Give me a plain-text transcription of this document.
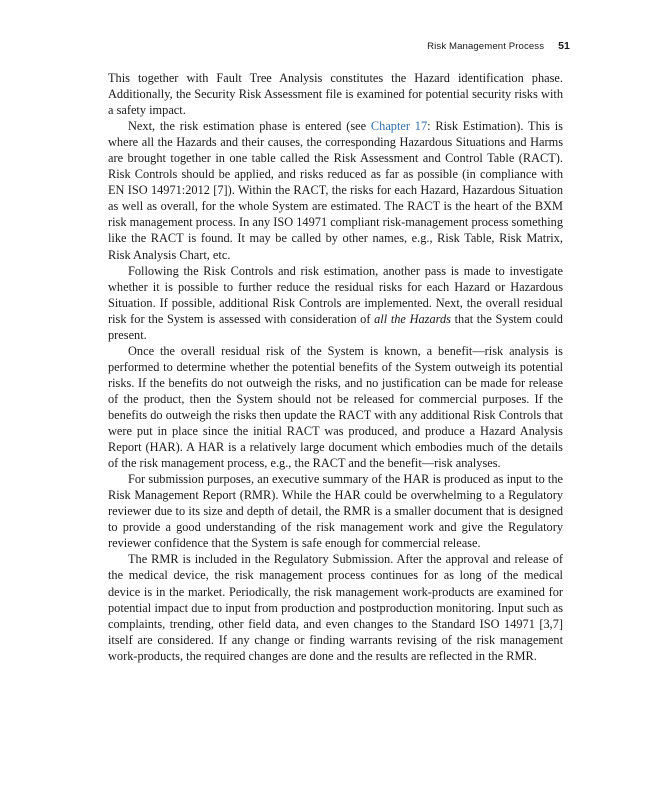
Risk Management Process 51

This together with Fault Tree Analysis constitutes the Hazard identification phase. Additionally, the Security Risk Assessment file is examined for potential security risks with a safety impact.

Next, the risk estimation phase is entered (see Chapter 17: Risk Estimation). This is where all the Hazards and their causes, the corresponding Hazardous Situations and Harms are brought together in one table called the Risk Assessment and Control Table (RACT). Risk Controls should be applied, and risks reduced as far as possible (in compliance with EN ISO 14971:2012 [7]). Within the RACT, the risks for each Hazard, Hazardous Situation as well as overall, for the whole System are estimated. The RACT is the heart of the BXM risk management process. In any ISO 14971 compliant risk-management process something like the RACT is found. It may be called by other names, e.g., Risk Table, Risk Matrix, Risk Analysis Chart, etc.

Following the Risk Controls and risk estimation, another pass is made to investigate whether it is possible to further reduce the residual risks for each Hazard or Hazardous Situation. If possible, additional Risk Controls are implemented. Next, the overall residual risk for the System is assessed with consideration of all the Hazards that the System could present.

Once the overall residual risk of the System is known, a benefit—risk analysis is performed to determine whether the potential benefits of the System outweigh its potential risks. If the benefits do not outweigh the risks, and no justification can be made for release of the product, then the System should not be released for commercial purposes. If the benefits do outweigh the risks then update the RACT with any additional Risk Controls that were put in place since the initial RACT was produced, and produce a Hazard Analysis Report (HAR). A HAR is a relatively large document which embodies much of the details of the risk management process, e.g., the RACT and the benefit—risk analyses.

For submission purposes, an executive summary of the HAR is produced as input to the Risk Management Report (RMR). While the HAR could be overwhelming to a Regulatory reviewer due to its size and depth of detail, the RMR is a smaller document that is designed to provide a good understanding of the risk management work and give the Regulatory reviewer confidence that the System is safe enough for commercial release.

The RMR is included in the Regulatory Submission. After the approval and release of the medical device, the risk management process continues for as long of the medical device is in the market. Periodically, the risk management work-products are examined for potential impact due to input from production and postproduction monitoring. Input such as complaints, trending, other field data, and even changes to the Standard ISO 14971 [3,7] itself are considered. If any change or finding warrants revising of the risk management work-products, the required changes are done and the results are reflected in the RMR.
